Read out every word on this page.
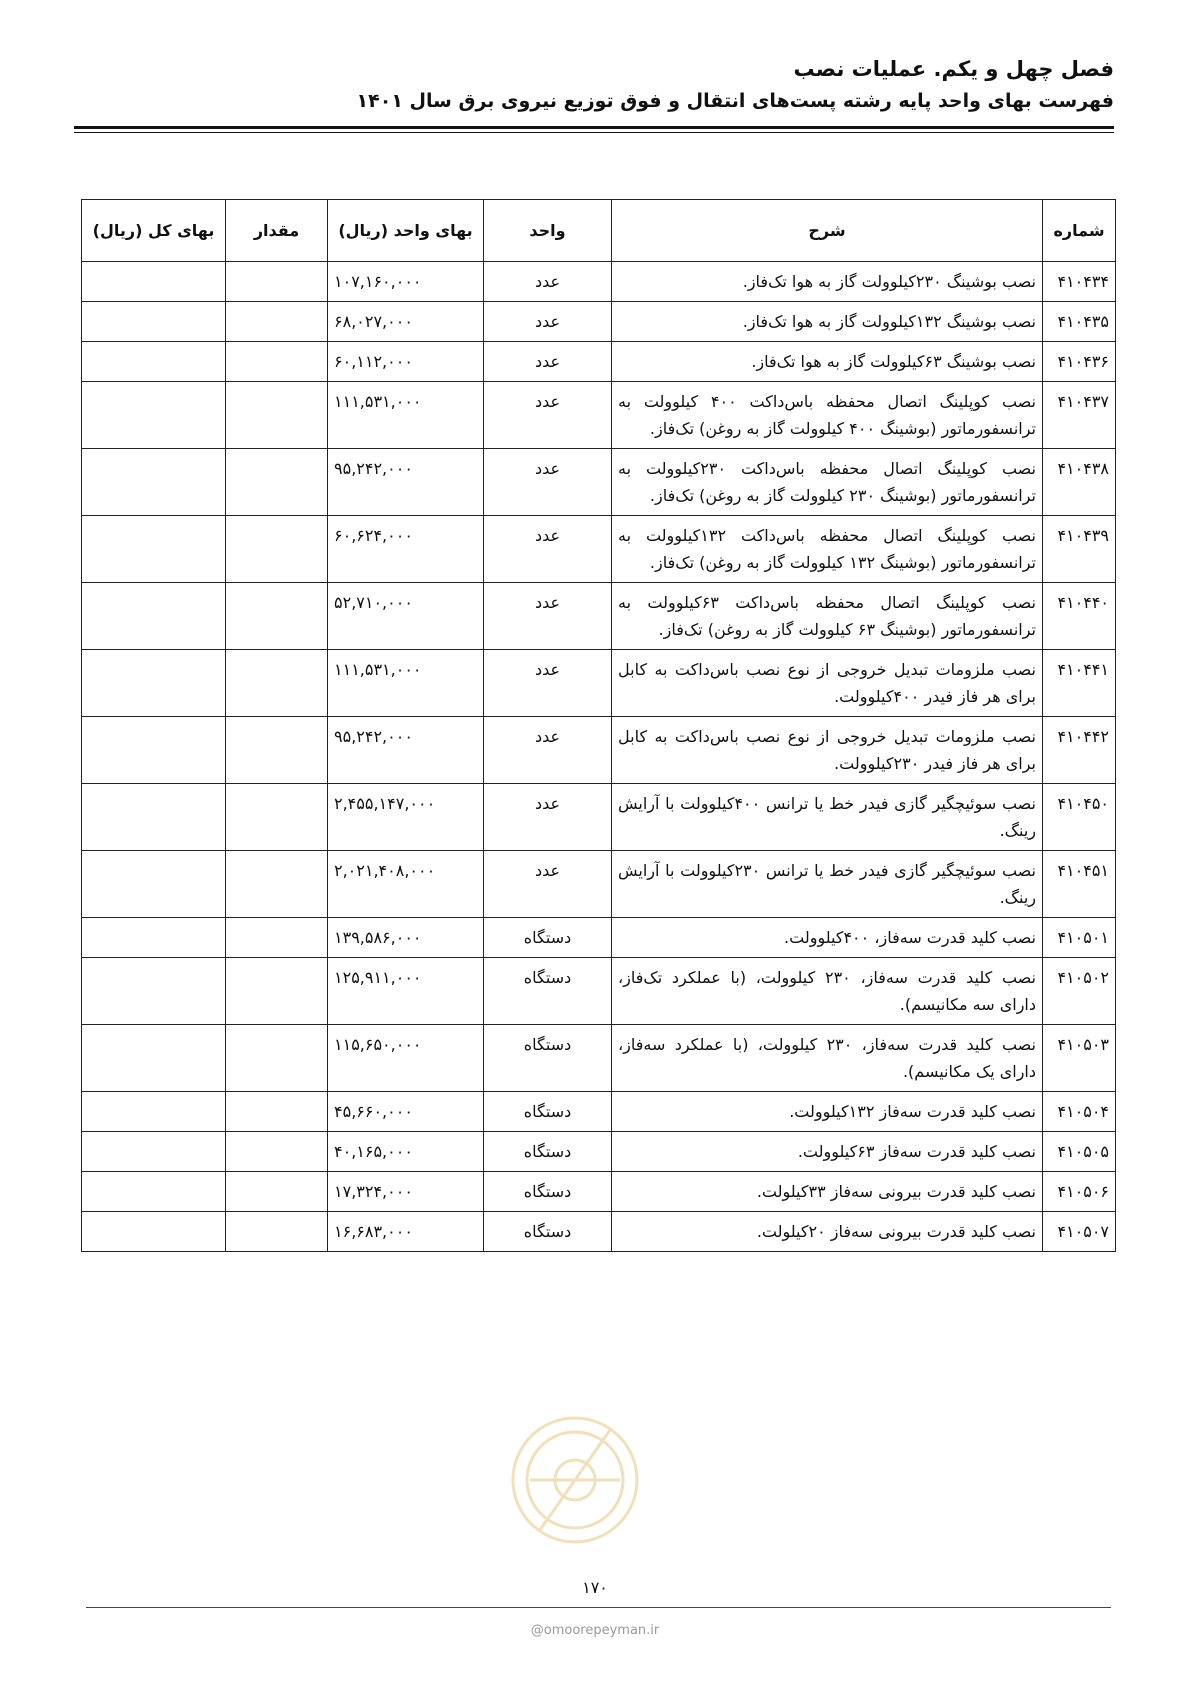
فصل چهل و یکم. عملیات نصب
فهرست بهای واحد پایه رشته پست‌های انتقال و فوق توزیع نیروی برق سال ۱۴۰۱
شماره	شرح	واحد	بهای واحد (ریال)	مقدار	بهای کل (ریال)
۴۱۰۴۳۴	نصب بوشینگ ۲۳۰کیلوولت گاز به هوا تک‌فاز.	عدد	۱۰۷,۱۶۰,۰۰۰		
۴۱۰۴۳۵	نصب بوشینگ ۱۳۲کیلوولت گاز به هوا تک‌فاز.	عدد	۶۸,۰۲۷,۰۰۰		
۴۱۰۴۳۶	نصب بوشینگ ۶۳کیلوولت گاز به هوا تک‌فاز.	عدد	۶۰,۱۱۲,۰۰۰		
۴۱۰۴۳۷	نصب کوپلینگ اتصال محفظه باس‌داکت ۴۰۰ کیلوولت به ترانسفورماتور (بوشینگ ۴۰۰ کیلوولت گاز به روغن) تک‌فاز.	عدد	۱۱۱,۵۳۱,۰۰۰		
۴۱۰۴۳۸	نصب کوپلینگ اتصال محفظه باس‌داکت ۲۳۰کیلوولت به ترانسفورماتور (بوشینگ ۲۳۰ کیلوولت گاز به روغن) تک‌فاز.	عدد	۹۵,۲۴۲,۰۰۰		
۴۱۰۴۳۹	نصب کوپلینگ اتصال محفظه باس‌داکت ۱۳۲کیلوولت به ترانسفورماتور (بوشینگ ۱۳۲ کیلوولت گاز به روغن) تک‌فاز.	عدد	۶۰,۶۲۴,۰۰۰		
۴۱۰۴۴۰	نصب کوپلینگ اتصال محفظه باس‌داکت ۶۳کیلوولت به ترانسفورماتور (بوشینگ ۶۳ کیلوولت گاز به روغن) تک‌فاز.	عدد	۵۲,۷۱۰,۰۰۰		
۴۱۰۴۴۱	نصب ملزومات تبدیل خروجی از نوع نصب باس‌داکت به کابل برای هر فاز فیدر ۴۰۰کیلوولت.	عدد	۱۱۱,۵۳۱,۰۰۰		
۴۱۰۴۴۲	نصب ملزومات تبدیل خروجی از نوع نصب باس‌داکت به کابل برای هر فاز فیدر ۲۳۰کیلوولت.	عدد	۹۵,۲۴۲,۰۰۰		
۴۱۰۴۵۰	نصب سوئیچگیر گازی فیدر خط یا ترانس ۴۰۰کیلوولت با آرایش رینگ.	عدد	۲,۴۵۵,۱۴۷,۰۰۰		
۴۱۰۴۵۱	نصب سوئیچگیر گازی فیدر خط یا ترانس ۲۳۰کیلوولت با آرایش رینگ.	عدد	۲,۰۲۱,۴۰۸,۰۰۰		
۴۱۰۵۰۱	نصب کلید قدرت سه‌فاز، ۴۰۰کیلوولت.	دستگاه	۱۳۹,۵۸۶,۰۰۰		
۴۱۰۵۰۲	نصب کلید قدرت سه‌فاز، ۲۳۰ کیلوولت، (با عملکرد تک‌فاز، دارای سه مکانیسم).	دستگاه	۱۲۵,۹۱۱,۰۰۰		
۴۱۰۵۰۳	نصب کلید قدرت سه‌فاز، ۲۳۰ کیلوولت، (با عملکرد سه‌فاز، دارای یک مکانیسم).	دستگاه	۱۱۵,۶۵۰,۰۰۰		
۴۱۰۵۰۴	نصب کلید قدرت سه‌فاز ۱۳۲کیلوولت.	دستگاه	۴۵,۶۶۰,۰۰۰		
۴۱۰۵۰۵	نصب کلید قدرت سه‌فاز ۶۳کیلوولت.	دستگاه	۴۰,۱۶۵,۰۰۰		
۴۱۰۵۰۶	نصب کلید قدرت بیرونی سه‌فاز ۳۳کیلولت.	دستگاه	۱۷,۳۲۴,۰۰۰		
۴۱۰۵۰۷	نصب کلید قدرت بیرونی سه‌فاز ۲۰کیلولت.	دستگاه	۱۶,۶۸۳,۰۰۰		
۱۷۰
@omoorepeyman.ir
